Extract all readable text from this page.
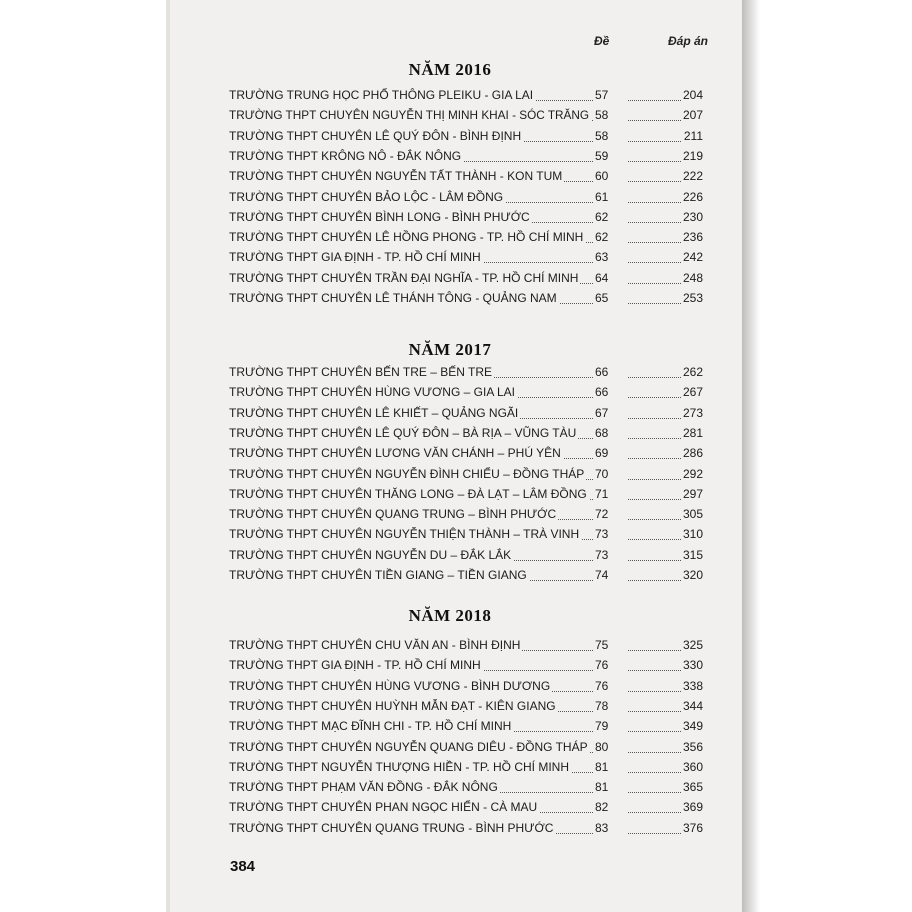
Đề	Đáp án
NĂM 2016
TRƯỜNG TRUNG HỌC PHỔ THÔNG PLEIKU - GIA LAI	57	204
TRƯỜNG THPT CHUYÊN NGUYỄN THỊ MINH KHAI - SÓC TRĂNG 58	207
TRƯỜNG THPT CHUYÊN LÊ QUÝ ĐÔN - BÌNH ĐỊNH	58	211
TRƯỜNG THPT KRÔNG NÔ - ĐẮK NÔNG	59	219
TRƯỜNG THPT CHUYÊN NGUYỄN TẤT THÀNH - KON TUM	60	222
TRƯỜNG THPT CHUYÊN BẢO LỘC - LÂM ĐỒNG	61	226
TRƯỜNG THPT CHUYÊN BÌNH LONG - BÌNH PHƯỚC	62	230
TRƯỜNG THPT CHUYÊN LÊ HỒNG PHONG - TP. HỒ CHÍ MINH 62	236
TRƯỜNG THPT GIA ĐỊNH - TP. HỒ CHÍ MINH	63	242
TRƯỜNG THPT CHUYÊN TRẦN ĐẠI NGHĨA - TP. HỒ CHÍ MINH 64	248
TRƯỜNG THPT CHUYÊN LÊ THÁNH TÔNG - QUẢNG NAM	65	253
NĂM 2017
TRƯỜNG THPT CHUYÊN BẾN TRE – BẾN TRE	66	262
TRƯỜNG THPT CHUYÊN HÙNG VƯƠNG – GIA LAI	66	267
TRƯỜNG THPT CHUYÊN LÊ KHIẾT – QUẢNG NGÃI	67	273
TRƯỜNG THPT CHUYÊN LÊ QUÝ ĐÔN – BÀ RỊA – VŨNG TÀU 68	281
TRƯỜNG THPT CHUYÊN LƯƠNG VĂN CHÁNH – PHÚ YÊN	69	286
TRƯỜNG THPT CHUYÊN NGUYỄN ĐÌNH CHIỂU – ĐỒNG THÁP 70	292
TRƯỜNG THPT CHUYÊN THĂNG LONG – ĐÀ LẠT – LÂM ĐỒNG 71	297
TRƯỜNG THPT CHUYÊN QUANG TRUNG – BÌNH PHƯỚC	72	305
TRƯỜNG THPT CHUYÊN NGUYỄN THIỆN THÀNH – TRÀ VINH 73	310
TRƯỜNG THPT CHUYÊN NGUYỄN DU – ĐẮK LẮK	73	315
TRƯỜNG THPT CHUYÊN TIỀN GIANG – TIỀN GIANG	74	320
NĂM 2018
TRƯỜNG THPT CHUYÊN CHU VĂN AN - BÌNH ĐỊNH	75	325
TRƯỜNG THPT GIA ĐỊNH - TP. HỒ CHÍ MINH	76	330
TRƯỜNG THPT CHUYÊN HÙNG VƯƠNG - BÌNH DƯƠNG	76	338
TRƯỜNG THPT CHUYÊN HUỲNH MẪN ĐẠT - KIÊN GIANG	78	344
TRƯỜNG THPT MẠC ĐĨNH CHI - TP. HỒ CHÍ MINH	79	349
TRƯỜNG THPT CHUYÊN NGUYỄN QUANG DIÊU - ĐỒNG THÁP 80	356
TRƯỜNG THPT NGUYỄN THƯỢNG HIỀN - TP. HỒ CHÍ MINH 81	360
TRƯỜNG THPT PHẠM VĂN ĐỒNG - ĐẮK NÔNG	81	365
TRƯỜNG THPT CHUYÊN PHAN NGỌC HIỂN - CÀ MAU	82	369
TRƯỜNG THPT CHUYÊN QUANG TRUNG - BÌNH PHƯỚC	83	376
384
